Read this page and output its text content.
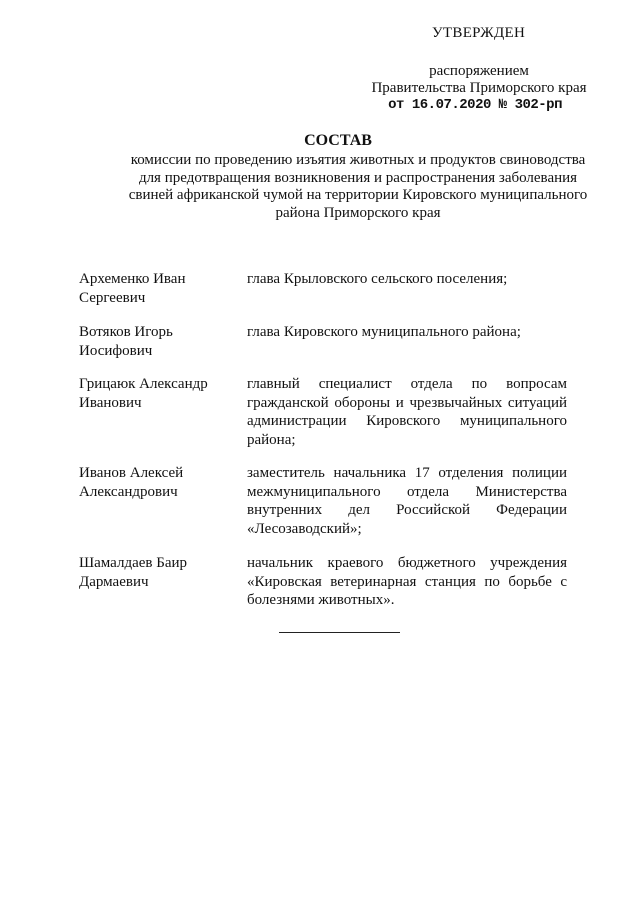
УТВЕРЖДЕН
распоряжением
Правительства Приморского края
от 16.07.2020 № 302-рп
СОСТАВ
комиссии по проведению изъятия животных и продуктов свиноводства для предотвращения возникновения и распространения заболевания свиней африканской чумой на территории Кировского муниципального района Приморского края
Археменко Иван Сергеевич
глава Крыловского сельского поселения;
Вотяков Игорь Иосифович
глава Кировского муниципального района;
Грицаюк Александр Иванович
главный специалист отдела по вопросам гражданской обороны и чрезвычайных ситуаций администрации Кировского муниципального района;
Иванов Алексей Александрович
заместитель начальника 17 отделения полиции межмуниципального отдела Министерства внутренних дел Российской Федерации «Лесозаводский»;
Шамалдаев Баир Дармаевич
начальник краевого бюджетного учреждения «Кировская ветеринарная станция по борьбе с болезнями животных».
